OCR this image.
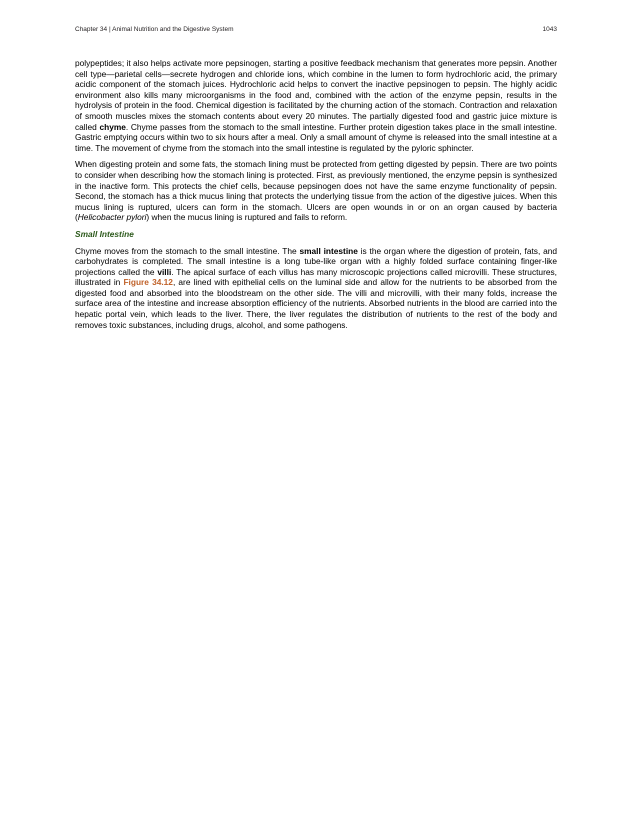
Chapter 34 | Animal Nutrition and the Digestive System	1043

polypeptides; it also helps activate more pepsinogen, starting a positive feedback mechanism that generates more pepsin. Another cell type—parietal cells—secrete hydrogen and chloride ions, which combine in the lumen to form hydrochloric acid, the primary acidic component of the stomach juices. Hydrochloric acid helps to convert the inactive pepsinogen to pepsin. The highly acidic environment also kills many microorganisms in the food and, combined with the action of the enzyme pepsin, results in the hydrolysis of protein in the food. Chemical digestion is facilitated by the churning action of the stomach. Contraction and relaxation of smooth muscles mixes the stomach contents about every 20 minutes. The partially digested food and gastric juice mixture is called chyme. Chyme passes from the stomach to the small intestine. Further protein digestion takes place in the small intestine. Gastric emptying occurs within two to six hours after a meal. Only a small amount of chyme is released into the small intestine at a time. The movement of chyme from the stomach into the small intestine is regulated by the pyloric sphincter.

When digesting protein and some fats, the stomach lining must be protected from getting digested by pepsin. There are two points to consider when describing how the stomach lining is protected. First, as previously mentioned, the enzyme pepsin is synthesized in the inactive form. This protects the chief cells, because pepsinogen does not have the same enzyme functionality of pepsin. Second, the stomach has a thick mucus lining that protects the underlying tissue from the action of the digestive juices. When this mucus lining is ruptured, ulcers can form in the stomach. Ulcers are open wounds in or on an organ caused by bacteria (Helicobacter pylori) when the mucus lining is ruptured and fails to reform.

Small Intestine

Chyme moves from the stomach to the small intestine. The small intestine is the organ where the digestion of protein, fats, and carbohydrates is completed. The small intestine is a long tube-like organ with a highly folded surface containing finger-like projections called the villi. The apical surface of each villus has many microscopic projections called microvilli. These structures, illustrated in Figure 34.12, are lined with epithelial cells on the luminal side and allow for the nutrients to be absorbed from the digested food and absorbed into the bloodstream on the other side. The villi and microvilli, with their many folds, increase the surface area of the intestine and increase absorption efficiency of the nutrients. Absorbed nutrients in the blood are carried into the hepatic portal vein, which leads to the liver. There, the liver regulates the distribution of nutrients to the rest of the body and removes toxic substances, including drugs, alcohol, and some pathogens.
